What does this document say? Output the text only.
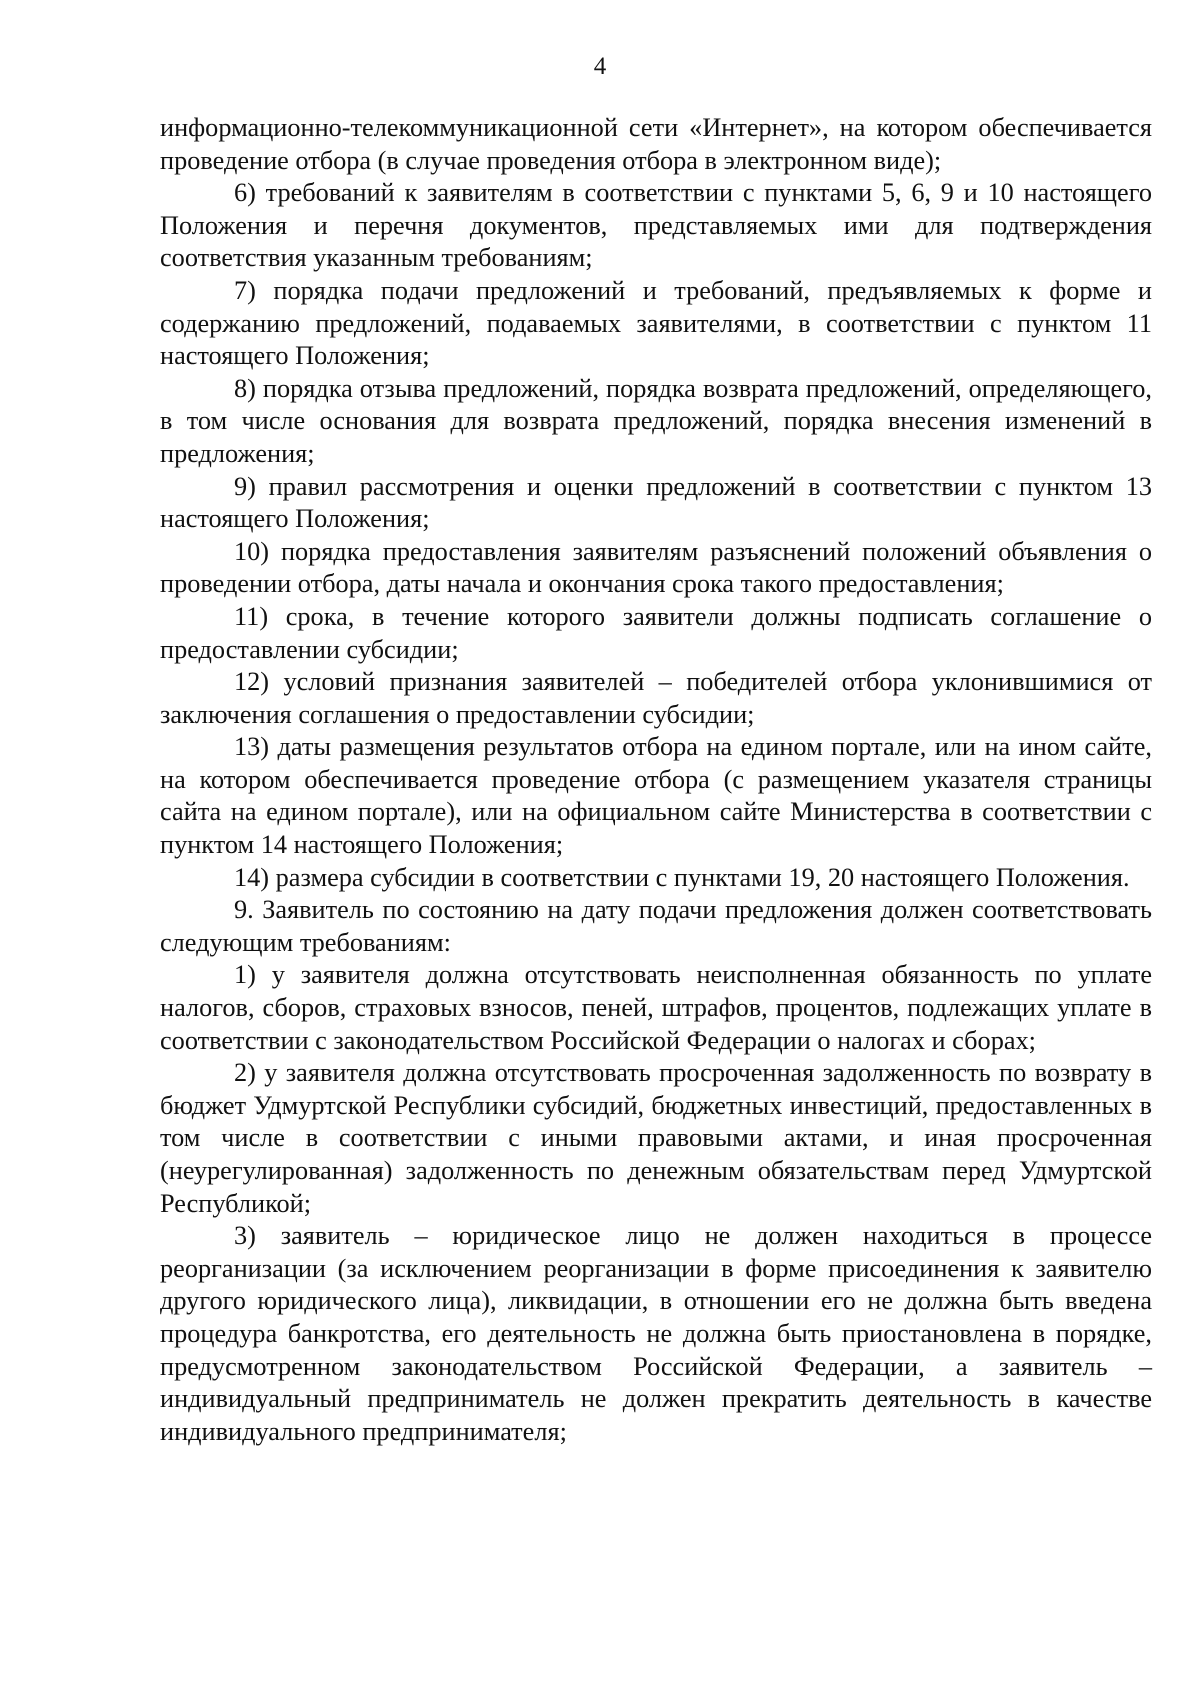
4

информационно-телекоммуникационной сети «Интернет», на котором обеспечивается проведение отбора (в случае проведения отбора в электронном виде);

6) требований к заявителям в соответствии с пунктами 5, 6, 9 и 10 настоящего Положения и перечня документов, представляемых ими для подтверждения соответствия указанным требованиям;

7) порядка подачи предложений и требований, предъявляемых к форме и содержанию предложений, подаваемых заявителями, в соответствии с пунктом 11 настоящего Положения;

8) порядка отзыва предложений, порядка возврата предложений, определяющего, в том числе основания для возврата предложений, порядка внесения изменений в предложения;

9) правил рассмотрения и оценки предложений в соответствии с пунктом 13 настоящего Положения;

10) порядка предоставления заявителям разъяснений положений объявления о проведении отбора, даты начала и окончания срока такого предоставления;

11) срока, в течение которого заявители должны подписать соглашение о предоставлении субсидии;

12) условий признания заявителей – победителей отбора уклонившимися от заключения соглашения о предоставлении субсидии;

13) даты размещения результатов отбора на едином портале, или на ином сайте, на котором обеспечивается проведение отбора (с размещением указателя страницы сайта на едином портале), или на официальном сайте Министерства в соответствии с пунктом 14 настоящего Положения;

14) размера субсидии в соответствии с пунктами 19, 20 настоящего Положения.

9. Заявитель по состоянию на дату подачи предложения должен соответствовать следующим требованиям:

1) у заявителя должна отсутствовать неисполненная обязанность по уплате налогов, сборов, страховых взносов, пеней, штрафов, процентов, подлежащих уплате в соответствии с законодательством Российской Федерации о налогах и сборах;

2) у заявителя должна отсутствовать просроченная задолженность по возврату в бюджет Удмуртской Республики субсидий, бюджетных инвестиций, предоставленных в том числе в соответствии с иными правовыми актами, и иная просроченная (неурегулированная) задолженность по денежным обязательствам перед Удмуртской Республикой;

3) заявитель – юридическое лицо не должен находиться в процессе реорганизации (за исключением реорганизации в форме присоединения к заявителю другого юридического лица), ликвидации, в отношении его не должна быть введена процедура банкротства, его деятельность не должна быть приостановлена в порядке, предусмотренном законодательством Российской Федерации, а заявитель – индивидуальный предприниматель не должен прекратить деятельность в качестве индивидуального предпринимателя;
